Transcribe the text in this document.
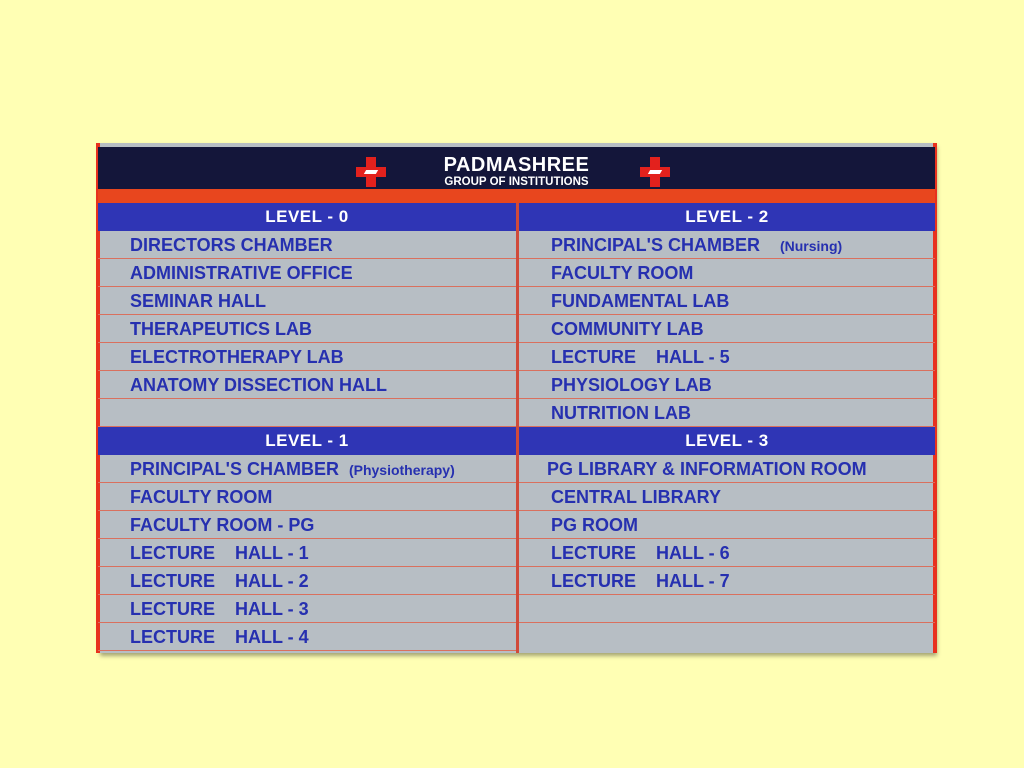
PADMASHREE
GROUP OF INSTITUTIONS
LEVEL - 0
DIRECTORS CHAMBER
ADMINISTRATIVE OFFICE
SEMINAR HALL
THERAPEUTICS LAB
ELECTROTHERAPY LAB
ANATOMY DISSECTION HALL
LEVEL - 1
PRINCIPAL'S CHAMBER (Physiotherapy)
FACULTY ROOM
FACULTY ROOM - PG
LECTURE    HALL - 1
LECTURE    HALL - 2
LECTURE    HALL - 3
LECTURE    HALL - 4
LEVEL - 2
PRINCIPAL'S CHAMBER (Nursing)
FACULTY ROOM
FUNDAMENTAL LAB
COMMUNITY LAB
LECTURE    HALL - 5
PHYSIOLOGY LAB
NUTRITION LAB
LEVEL - 3
PG LIBRARY & INFORMATION ROOM
CENTRAL LIBRARY
PG ROOM
LECTURE    HALL - 6
LECTURE    HALL - 7
